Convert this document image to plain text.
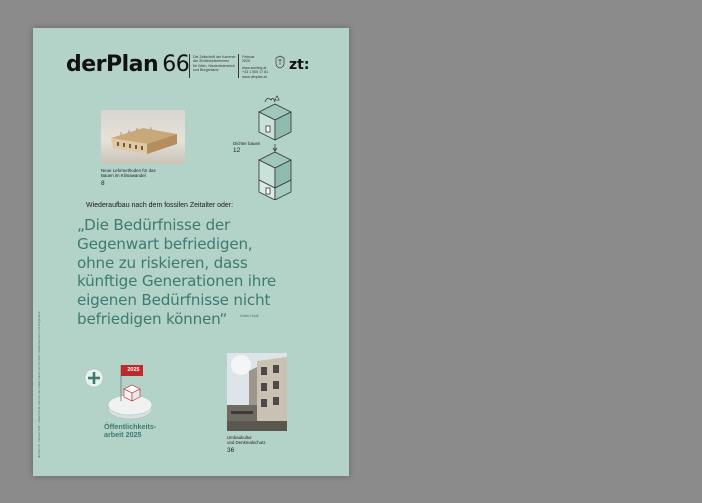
derPlan 66 Die Zeitschrift der Kammer
der ZiviltechnikerInnen
für Wien, Niederösterreich
und Burgenland
Februar
2025
www.arching.at
+43 1 505 17 81
www.derplan.at
zt:
Neue Lehrmethoden für das
Bauen im Klimawandel
8
Dichter bauen
12
Wiederaufbau nach dem fossilen Zeitalter oder:
„Die Bedürfnisse der
Gegenwart befriedigen,
ohne zu riskieren, dass
künftige Generationen ihre
eigenen Bedürfnisse nicht
befriedigen können“	Volker Hauff
2025
Öffentlichkeits-
arbeit 2025	Umbaukultur
und Denkmalschutz
36
derPlan 66 · Februar 2025 · Zeitschrift der Kammer der ZiviltechnikerInnen für Wien, Niederösterreich und Burgenland
